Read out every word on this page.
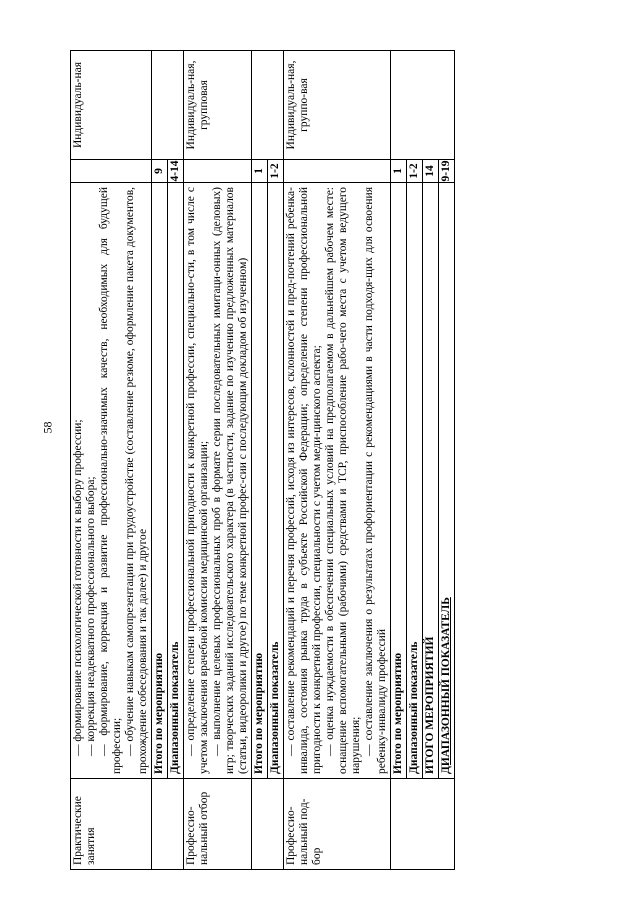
58
Практические занятия	— формирование психологической готовности к выбору профессии; — коррекция неадекватного профессионального выбора; — формирование, коррекция и развитие профессионально-значимых качеств, необходимых для будущей профессии; — обучение навыкам самопрезентации при трудоустройстве (составление резюме, оформление пакета документов, прохождение собеседования и так далее) и другое		Индивидуаль-ная
	Итого по мероприятию	9	
	Диапазонный показатель	4-14	
Профессио-нальный отбор	— определение степени профессиональной пригодности к конкретной профессии, специально-сти, в том числе с учетом заключения врачебной комиссии медицинской организации; — выполнение целевых профессиональных проб в формате серии последовательных имитаци-онных (деловых) игр; творческих заданий исследовательского характера (в частности, задание по изучению предложенных материалов (статьи, видеоролики и другое) по теме конкретной профес-сии с последующим докладом об изученном)		Индивидуаль-ная, групповая
	Итого по мероприятию	1	
	Диапазонный показатель	1-2	
Профессио-нальный под-бор	— составление рекомендаций и перечня профессий, исходя из интересов, склонностей и пред-почтений ребенка-инвалида, состояния рынка труда в субъекте Российской Федерации; определение степени профессиональной пригодности к конкретной профессии, специальности с учетом меди-цинского аспекта; — оценка нуждаемости в обеспечении специальных условий на предполагаемом в дальнейшем рабочем месте: оснащение вспомогательными (рабочими) средствами и ТСР, приспособление рабо-чего места с учетом ведущего нарушения; — составление заключения о результатах профориентации с рекомендациями в части подходя-щих для освоения ребенку-инвалиду профессий		Индивидуаль-ная, группо-вая
	Итого по мероприятию	1	
	Диапазонный показатель	1-2	
	ИТОГО МЕРОПРИЯТИЙ	14	
	ДИАПАЗОННЫЙ ПОКАЗАТЕЛЬ	9-19	
